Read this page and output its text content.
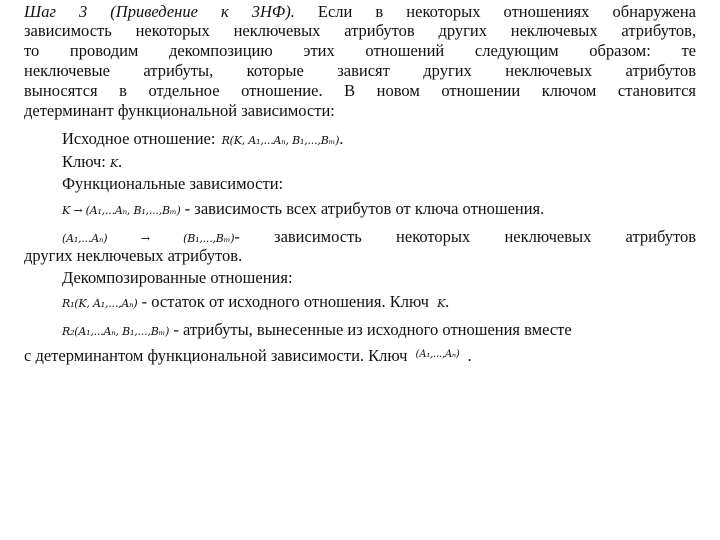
Шаг 3 (Приведение к 3НФ). Если в некоторых отношениях обнаружена
зависимость некоторых неключевых атрибутов других неключевых атрибутов,
то проводим декомпозицию этих отношений следующим образом: те
неключевые атрибуты, которые зависят других неключевых атрибутов
выносятся в отдельное отношение. В новом отношении ключом становится
детерминант функциональной зависимости:
Исходное отношение: R(K, A₁,...Aₙ, B₁,...,Bₘ).
Ключ: K.
Функциональные зависимости:
K → (A₁,...Aₙ, B₁,...,Bₘ) - зависимость всех атрибутов от ключа отношения.
(A₁,...Aₙ) → (B₁,...,Bₘ)- зависимость некоторых неключевых атрибутов
других неключевых атрибутов.
Декомпозированные отношения:
R₁(K, A₁,...,Aₙ) - остаток от исходного отношения. Ключ K.
R₂(A₁,...Aₙ, B₁,...,Bₘ) - атрибуты, вынесенные из исходного отношения вместе
с детерминантом функциональной зависимости. Ключ $^{(A_1,...,A_n)}$ .
